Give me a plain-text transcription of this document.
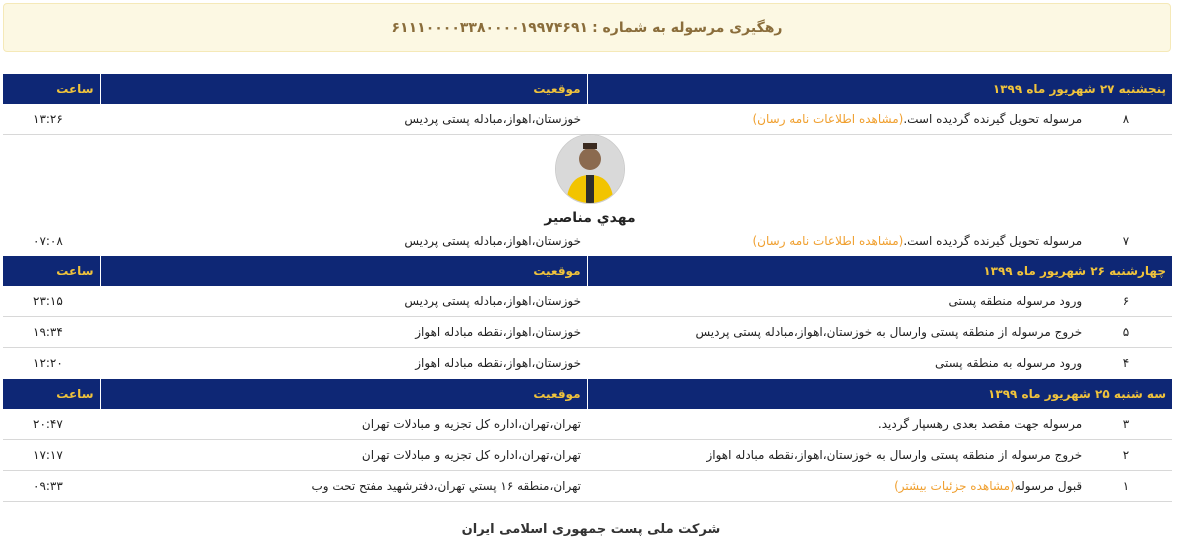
رهگیری مرسوله به شماره :
۶۱۱۱۰۰۰۰۳۳۸۰۰۰۰۱۹۹۷۴۶۹۱
پنجشنبه ۲۷ شهریور ماه ۱۳۹۹	موقعیت	ساعت
۸ مرسوله تحویل گیرنده گردیده است.(مشاهده اطلاعات نامه رسان)	خوزستان،اهواز،مبادله پستی پردیس	۱۳:۲۶
مهدي مناصير
۷ مرسوله تحویل گیرنده گردیده است.(مشاهده اطلاعات نامه رسان)	خوزستان،اهواز،مبادله پستی پردیس	۰۷:۰۸
چهارشنبه ۲۶ شهریور ماه ۱۳۹۹	موقعیت	ساعت
۶ ورود مرسوله منطقه پستی	خوزستان،اهواز،مبادله پستی پردیس	۲۳:۱۵
۵ خروج مرسوله از منطقه پستی وارسال به خوزستان،اهواز،مبادله پستی پردیس	خوزستان،اهواز،نقطه مبادله اهواز	۱۹:۳۴
۴ ورود مرسوله به منطقه پستی	خوزستان،اهواز،نقطه مبادله اهواز	۱۲:۲۰
سه شنبه ۲۵ شهریور ماه ۱۳۹۹	موقعیت	ساعت
۳ مرسوله جهت مقصد بعدی رهسپار گردید.	تهران،تهران،اداره کل تجزیه و مبادلات تهران	۲۰:۴۷
۲ خروج مرسوله از منطقه پستی وارسال به خوزستان،اهواز،نقطه مبادله اهواز	تهران،تهران،اداره کل تجزیه و مبادلات تهران	۱۷:۱۷
۱ قبول مرسوله(مشاهده جزئیات بیشتر)	تهران،منطقه ۱۶ پستي تهران،دفترشهید مفتح تحت وب	۰۹:۳۳
شرکت ملی پست جمهوری اسلامی ایران
